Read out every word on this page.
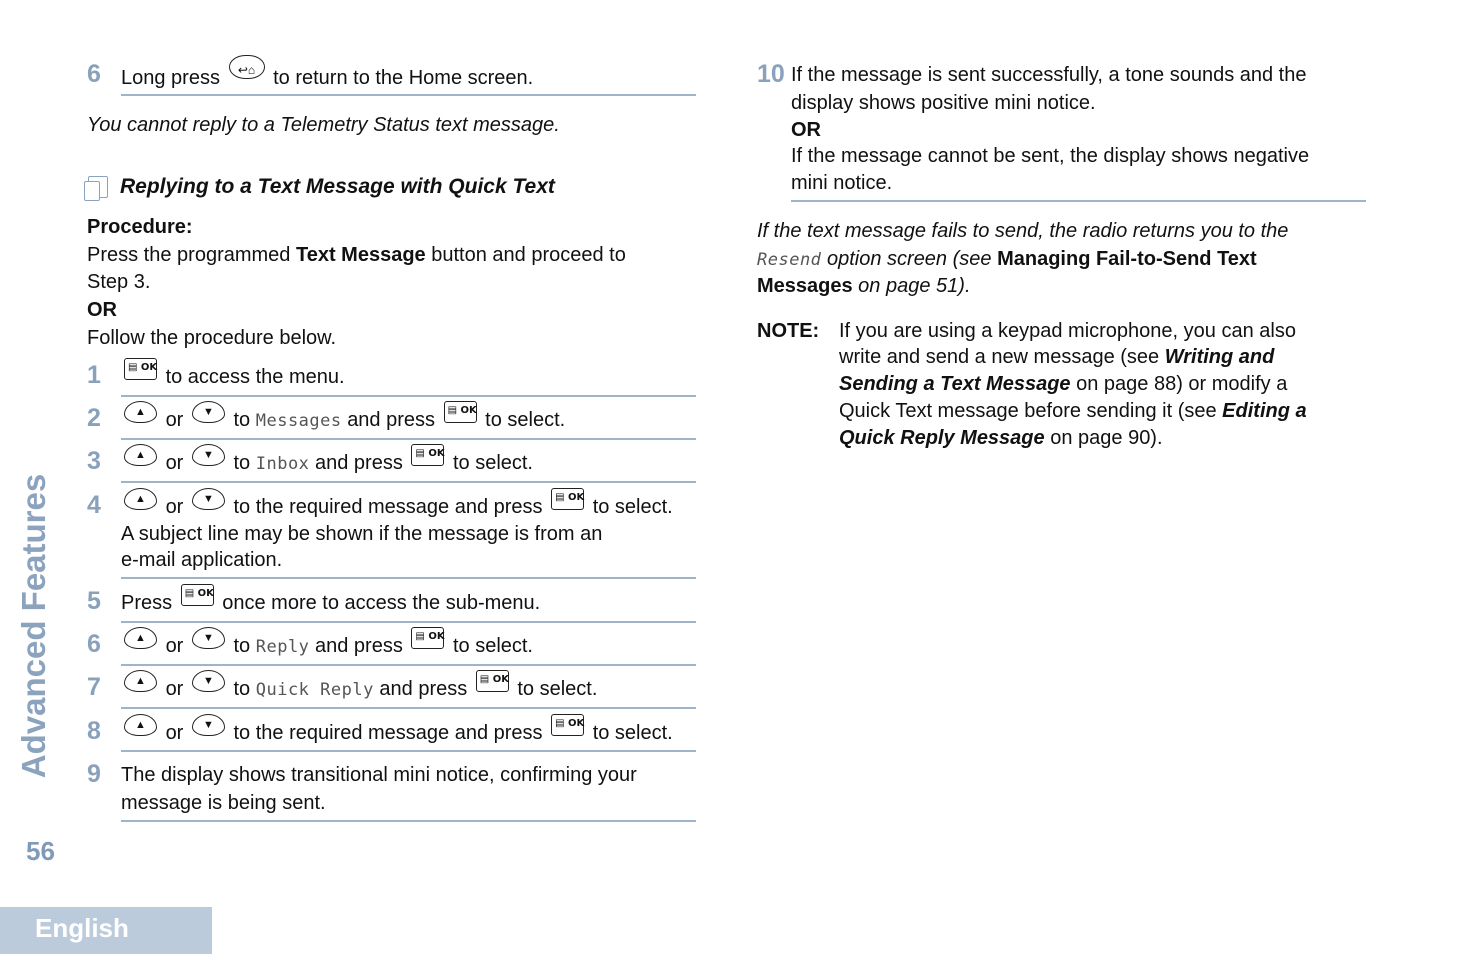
Advanced Features
56
English
6 Long press	↩⌂ to return to the Home screen.
You cannot reply to a Telemetry Status text message.
Replying to a Text Message with Quick Text
Procedure:
Press the programmed Text Message button and proceed to
Step 3.
OR
Follow the procedure below.
1	▤ OK to access the menu.
2	▲ or	▼ to Messages and press ▤ OK to select.
3	▲ or	▼ to Inbox and press ▤ OK to select.
4	▲ or	▼ to the required message and press ▤ OK to select.
A subject line may be shown if the message is from an
e-mail application.
5 Press ▤ OK once more to access the sub-menu.
6	▲ or	▼ to Reply and press ▤ OK to select.
7	▲ or	▼ to Quick Reply and press ▤ OK to select.
8	▲ or	▼ to the required message and press ▤ OK to select.
9 The display shows transitional mini notice, confirming your
message is being sent.
10 If the message is sent successfully, a tone sounds and the
display shows positive mini notice.
OR
If the message cannot be sent, the display shows negative
mini notice.
If the text message fails to send, the radio returns you to the
Resend option screen (see Managing Fail-to-Send Text
Messages on page 51).
NOTE: If you are using a keypad microphone, you can also
write and send a new message (see Writing and
Sending a Text Message on page 88) or modify a
Quick Text message before sending it (see Editing a
Quick Reply Message on page 90).
